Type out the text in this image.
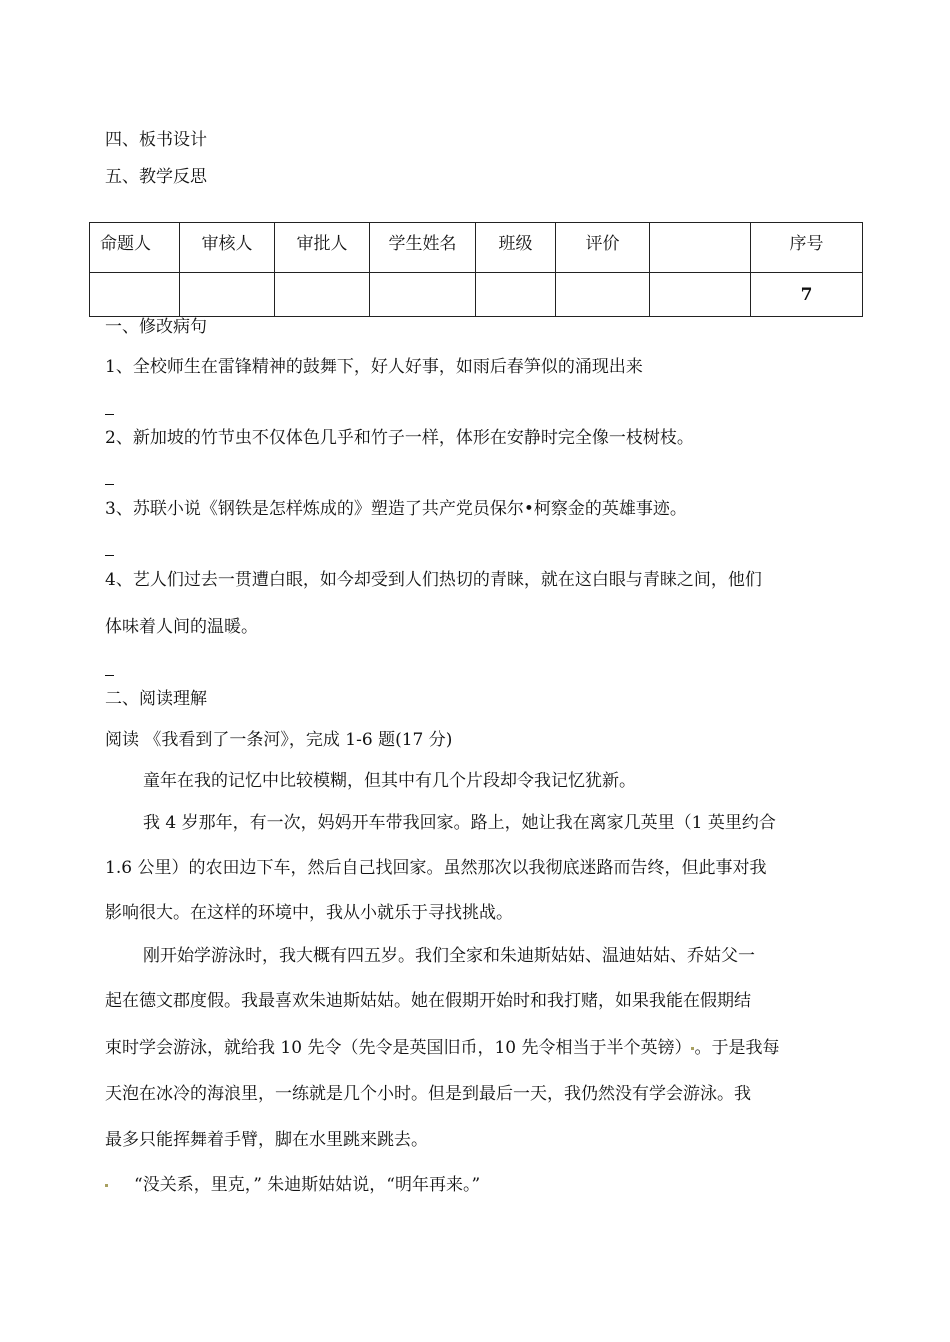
四、板书设计
五、教学反思
命题人	审核人	审批人	学生姓名	班级	评价		序号
							7
一、修改病句
1、全校师生在雷锋精神的鼓舞下，好人好事，如雨后春笋似的涌现出来
2、新加坡的竹节虫不仅体色几乎和竹子一样，体形在安静时完全像一枝树枝。
3、苏联小说《钢铁是怎样炼成的》塑造了共产党员保尔•柯察金的英雄事迹。
4、艺人们过去一贯遭白眼，如今却受到人们热切的青睐，就在这白眼与青睐之间，他们
体味着人间的温暖。
二、阅读理解
阅读 《我看到了一条河》，完成 1-6 题(17 分)
童年在我的记忆中比较模糊，但其中有几个片段却令我记忆犹新。
我 4 岁那年，有一次，妈妈开车带我回家。路上，她让我在离家几英里（1 英里约合
1.6 公里）的农田边下车，然后自己找回家。虽然那次以我彻底迷路而告终，但此事对我
影响很大。在这样的环境中，我从小就乐于寻找挑战。
刚开始学游泳时，我大概有四五岁。我们全家和朱迪斯姑姑、温迪姑姑、乔姑父一
起在德文郡度假。我最喜欢朱迪斯姑姑。她在假期开始时和我打赌，如果我能在假期结
束时学会游泳，就给我 10 先令（先令是英国旧币，10 先令相当于半个英镑） 。于是我每
天泡在冰冷的海浪里，一练就是几个小时。但是到最后一天，我仍然没有学会游泳。我
最多只能挥舞着手臂，脚在水里跳来跳去。
“没关系，里克，” 朱迪斯姑姑说，“明年再来。”
